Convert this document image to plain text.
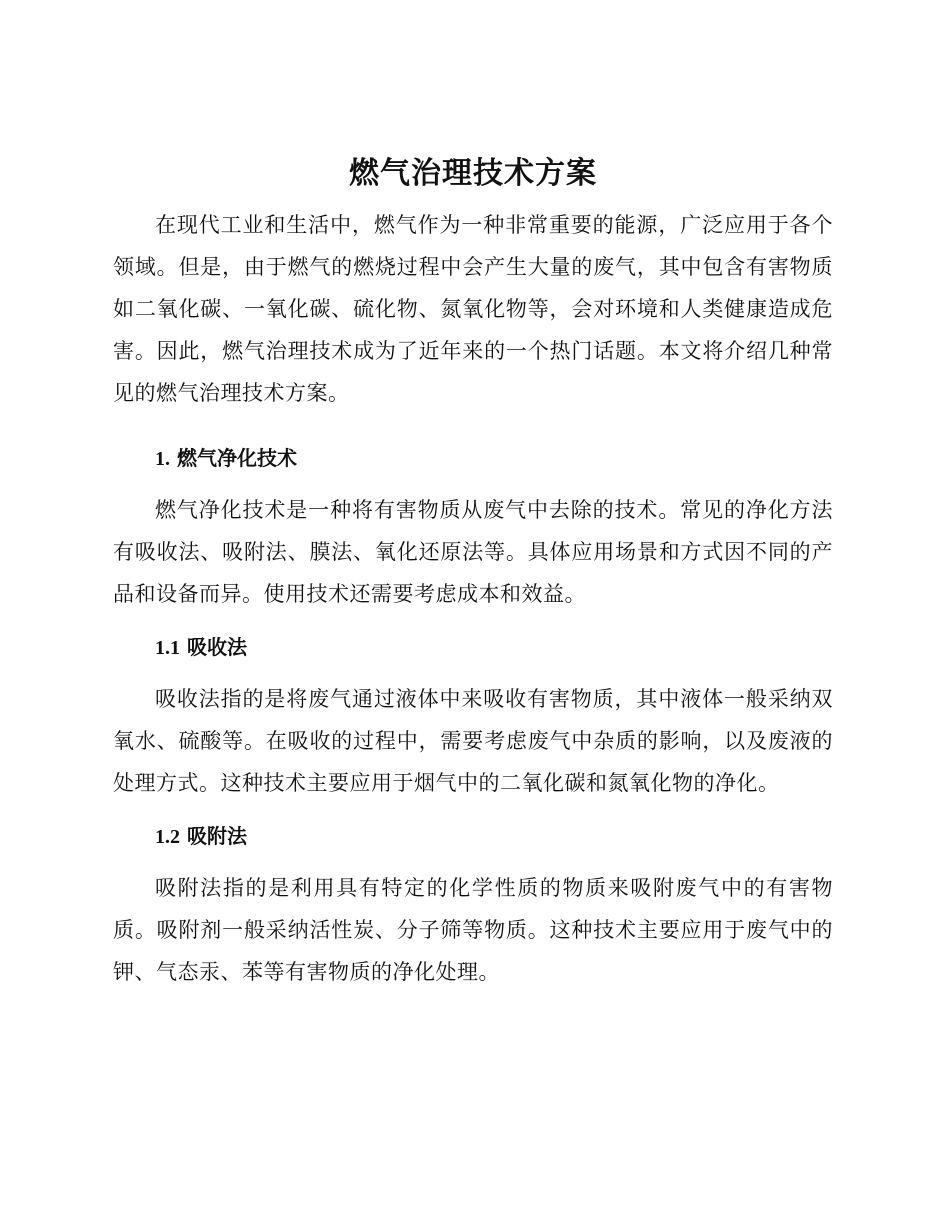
燃气治理技术方案

在现代工业和生活中，燃气作为一种非常重要的能源，广泛应用于各个领域。但是，由于燃气的燃烧过程中会产生大量的废气，其中包含有害物质如二氧化碳、一氧化碳、硫化物、氮氧化物等，会对环境和人类健康造成危害。因此，燃气治理技术成为了近年来的一个热门话题。本文将介绍几种常见的燃气治理技术方案。

1. 燃气净化技术

燃气净化技术是一种将有害物质从废气中去除的技术。常见的净化方法有吸收法、吸附法、膜法、氧化还原法等。具体应用场景和方式因不同的产品和设备而异。使用技术还需要考虑成本和效益。

1.1 吸收法

吸收法指的是将废气通过液体中来吸收有害物质，其中液体一般采纳双氧水、硫酸等。在吸收的过程中，需要考虑废气中杂质的影响，以及废液的处理方式。这种技术主要应用于烟气中的二氧化碳和氮氧化物的净化。

1.2 吸附法

吸附法指的是利用具有特定的化学性质的物质来吸附废气中的有害物质。吸附剂一般采纳活性炭、分子筛等物质。这种技术主要应用于废气中的钾、气态汞、苯等有害物质的净化处理。
